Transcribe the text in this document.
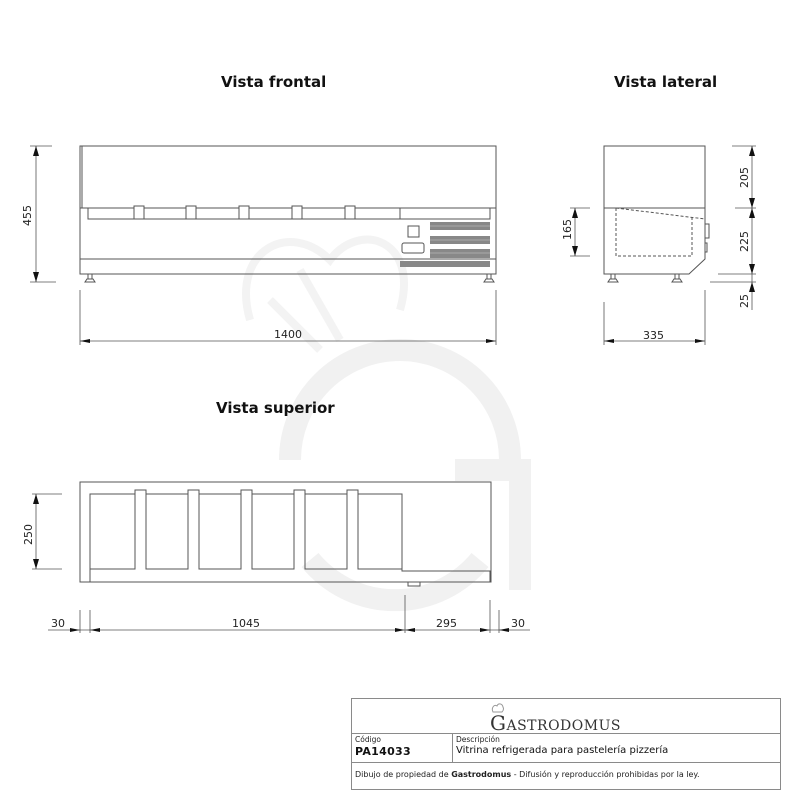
Vista frontal	Vista lateral
Vista superior
455
1400
165
205
225
25
335
250
30	1045	295	30
GASTRODOMUS
Código
PA14033
Descripción
Vitrina refrigerada para pastelería pizzería
Dibujo de propiedad de Gastrodomus - Difusión y reproducción prohibidas por la ley.
